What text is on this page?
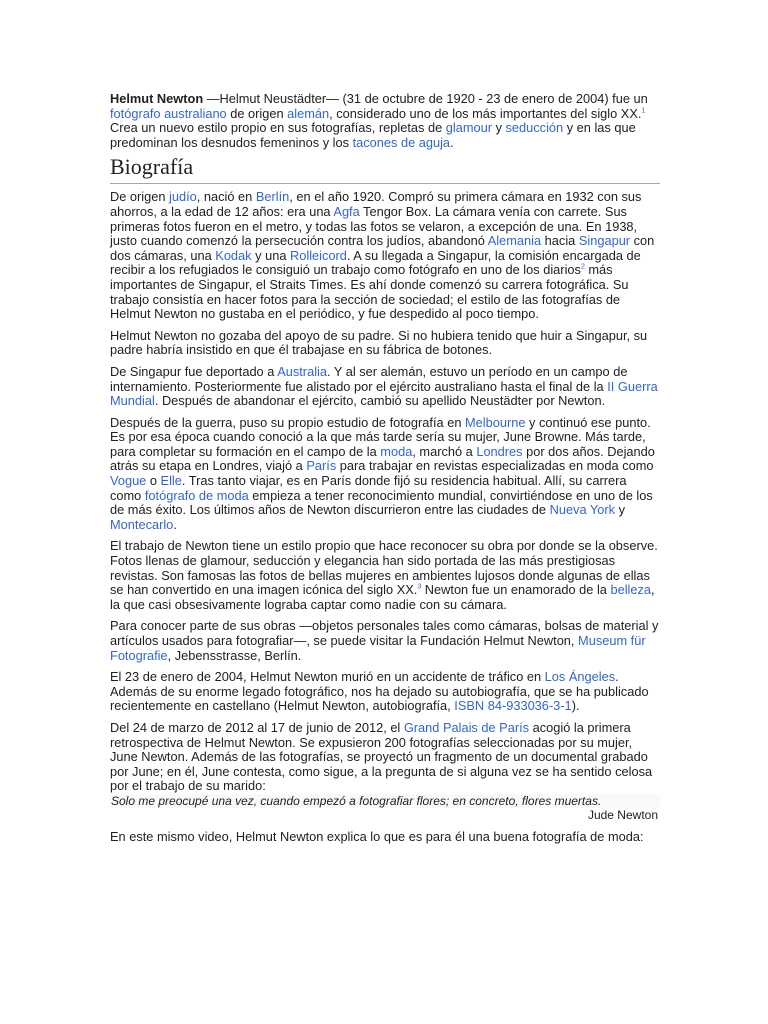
Helmut Newton —Helmut Neustädter— (31 de octubre de 1920 - 23 de enero de 2004) fue un fotógrafo australiano de origen alemán, considerado uno de los más importantes del siglo XX.$^1$ Crea un nuevo estilo propio en sus fotografías, repletas de glamour y seducción y en las que predominan los desnudos femeninos y los tacones de aguja.

Biografía

De origen judío, nació en Berlín, en el año 1920. Compró su primera cámara en 1932 con sus ahorros, a la edad de 12 años: era una Agfa Tengor Box. La cámara venía con carrete. Sus primeras fotos fueron en el metro, y todas las fotos se velaron, a excepción de una. En 1938, justo cuando comenzó la persecución contra los judíos, abandonó Alemania hacia Singapur con dos cámaras, una Kodak y una Rolleicord. A su llegada a Singapur, la comisión encargada de recibir a los refugiados le consiguió un trabajo como fotógrafo en uno de los diarios$^2$ más importantes de Singapur, el Straits Times. Es ahí donde comenzó su carrera fotográfica. Su trabajo consistía en hacer fotos para la sección de sociedad; el estilo de las fotografías de Helmut Newton no gustaba en el periódico, y fue despedido al poco tiempo.

Helmut Newton no gozaba del apoyo de su padre. Si no hubiera tenido que huir a Singapur, su padre habría insistido en que él trabajase en su fábrica de botones.

De Singapur fue deportado a Australia. Y al ser alemán, estuvo un período en un campo de internamiento. Posteriormente fue alistado por el ejército australiano hasta el final de la II Guerra Mundial. Después de abandonar el ejército, cambió su apellido Neustädter por Newton.

Después de la guerra, puso su propio estudio de fotografía en Melbourne y continuó ese punto. Es por esa época cuando conoció a la que más tarde sería su mujer, June Browne. Más tarde, para completar su formación en el campo de la moda, marchó a Londres por dos años. Dejando atrás su etapa en Londres, viajó a París para trabajar en revistas especializadas en moda como Vogue o Elle. Tras tanto viajar, es en París donde fijó su residencia habitual. Allí, su carrera como fotógrafo de moda empieza a tener reconocimiento mundial, convirtiéndose en uno de los de más éxito. Los últimos años de Newton discurrieron entre las ciudades de Nueva York y Montecarlo.

El trabajo de Newton tiene un estilo propio que hace reconocer su obra por donde se la observe. Fotos llenas de glamour, seducción y elegancia han sido portada de las más prestigiosas revistas. Son famosas las fotos de bellas mujeres en ambientes lujosos donde algunas de ellas se han convertido en una imagen icónica del siglo XX.$^3$ Newton fue un enamorado de la belleza, la que casi obsesivamente lograba captar como nadie con su cámara.

Para conocer parte de sus obras —objetos personales tales como cámaras, bolsas de material y artículos usados para fotografiar—, se puede visitar la Fundación Helmut Newton, Museum für Fotografie, Jebensstrasse, Berlín.

El 23 de enero de 2004, Helmut Newton murió en un accidente de tráfico en Los Ángeles. Además de su enorme legado fotográfico, nos ha dejado su autobiografía, que se ha publicado recientemente en castellano (Helmut Newton, autobiografía, ISBN 84-933036-3-1).

Del 24 de marzo de 2012 al 17 de junio de 2012, el Grand Palais de París acogió la primera retrospectiva de Helmut Newton. Se expusieron 200 fotografías seleccionadas por su mujer, June Newton. Además de las fotografías, se proyectó un fragmento de un documental grabado por June; en él, June contesta, como sigue, a la pregunta de si alguna vez se ha sentido celosa por el trabajo de su marido:

Solo me preocupé una vez, cuando empezó a fotografiar flores; en concreto, flores muertas.
Jude Newton

En este mismo video, Helmut Newton explica lo que es para él una buena fotografía de moda:
